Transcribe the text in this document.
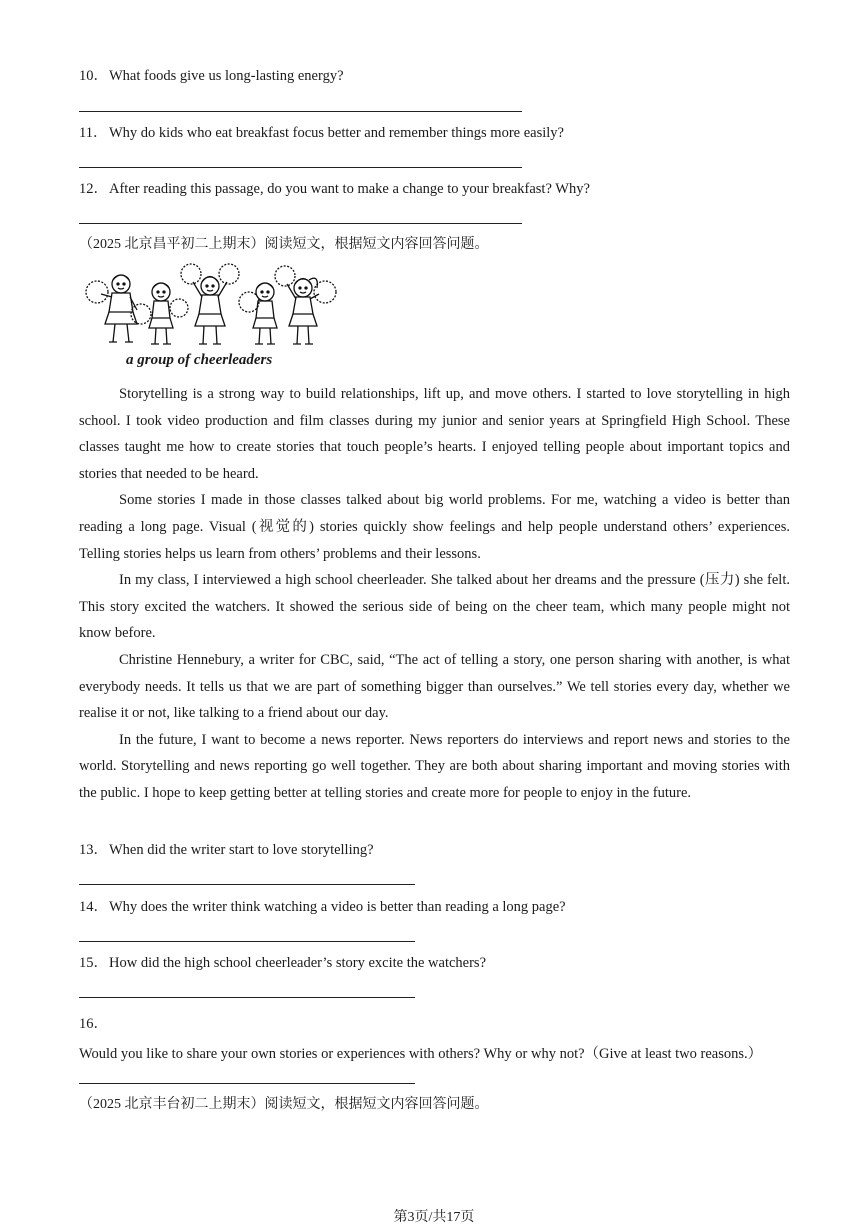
10．What foods give us long-lasting energy?
11． Why do kids who eat breakfast focus better and remember things more easily?
12．After reading this passage, do you want to make a change to your breakfast? Why?
（2025 北京昌平初二上期末）阅读短文，根据短文内容回答问题。
a group of cheerleaders

Storytelling is a strong way to build relationships, lift up, and move others. I started to love storytelling in high school. I took video production and film classes during my junior and senior years at Springfield High School. These classes taught me how to create stories that touch people’s hearts. I enjoyed telling people about important topics and stories that needed to be heard.

Some stories I made in those classes talked about big world problems. For me, watching a video is better than reading a long page. Visual (视觉的) stories quickly show feelings and help people understand others’ experiences. Telling stories helps us learn from others’ problems and their lessons.

In my class, I interviewed a high school cheerleader. She talked about her dreams and the pressure (压力) she felt. This story excited the watchers. It showed the serious side of being on the cheer team, which many people might not know before.

Christine Hennebury, a writer for CBC, said, “The act of telling a story, one person sharing with another, is what everybody needs. It tells us that we are part of something bigger than ourselves.” We tell stories every day, whether we realise it or not, like talking to a friend about our day.

In the future, I want to become a news reporter. News reporters do interviews and report news and stories to the world. Storytelling and news reporting go well together. They are both about sharing important and moving stories with the public. I hope to keep getting better at telling stories and create more for people to enjoy in the future.

13．When did the writer start to love storytelling?
14．Why does the writer think watching a video is better than reading a long page?
15．How did the high school cheerleader’s story excite the watchers?
16．Would you like to share your own stories or experiences with others? Why or why not?（Give at least two reasons.）
（2025 北京丰台初二上期末）阅读短文，根据短文内容回答问题。
第3页/共17页
